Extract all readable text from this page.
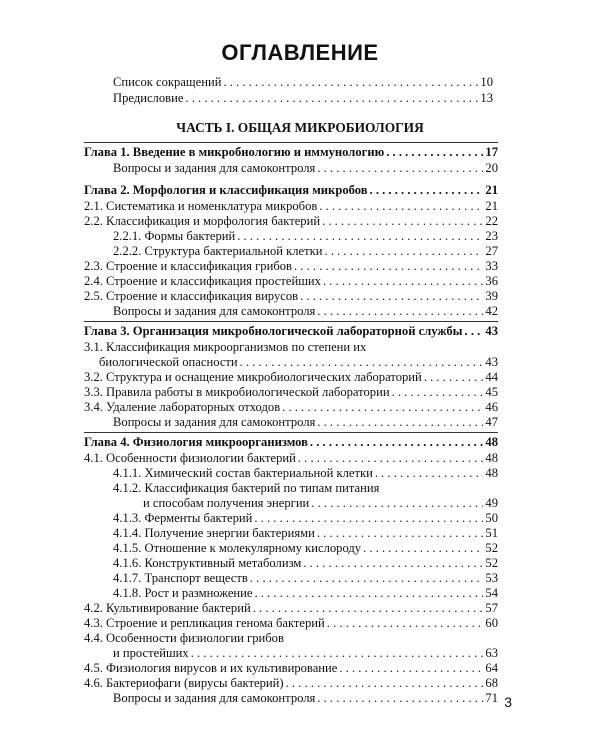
ОГЛАВЛЕНИЕ
Список сокращений . . .	10
Предисловие . . .	13
ЧАСТЬ I. ОБЩАЯ МИКРОБИОЛОГИЯ
Глава 1. Введение в микробиологию и иммунологию . . .	17
Вопросы и задания для самоконтроля . . .	20
Глава 2. Морфология и классификация микробов . . .	21
2.1. Систематика и номенклатура микробов . . .	21
2.2. Классификация и морфология бактерий . . .	22
2.2.1. Формы бактерий . . .	23
2.2.2. Структура бактериальной клетки . . .	27
2.3. Строение и классификация грибов . . .	33
2.4. Строение и классификация простейших . . .	36
2.5. Строение и классификация вирусов . . .	39
Вопросы и задания для самоконтроля . . .	42
Глава 3. Организация микробиологической лабораторной службы . . . 43
3.1. Классификация микроорганизмов по степени их
биологической опасности . . .	43
3.2. Структура и оснащение микробиологических лабораторий . . .	44
3.3. Правила работы в микробиологической лаборатории . . .	45
3.4. Удаление лабораторных отходов . . .	46
Вопросы и задания для самоконтроля . . .	47
Глава 4. Физиология микроорганизмов . . .	48
4.1. Особенности физиологии бактерий . . .	48
4.1.1. Химический состав бактериальной клетки . . .	48
4.1.2. Классификация бактерий по типам питания
и способам получения энергии . . .	49
4.1.3. Ферменты бактерий . . .	50
4.1.4. Получение энергии бактериями . . .	51
4.1.5. Отношение к молекулярному кислороду . . .	52
4.1.6. Конструктивный метаболизм . . .	52
4.1.7. Транспорт веществ . . .	53
4.1.8. Рост и размножение . . .	54
4.2. Культивирование бактерий . . .	57
4.3. Строение и репликация генома бактерий . . .	60
4.4. Особенности физиологии грибов
и простейших . . .	63
4.5. Физиология вирусов и их культивирование . . .	64
4.6. Бактериофаги (вирусы бактерий) . . .	68
Вопросы и задания для самоконтроля . . .	71 3
